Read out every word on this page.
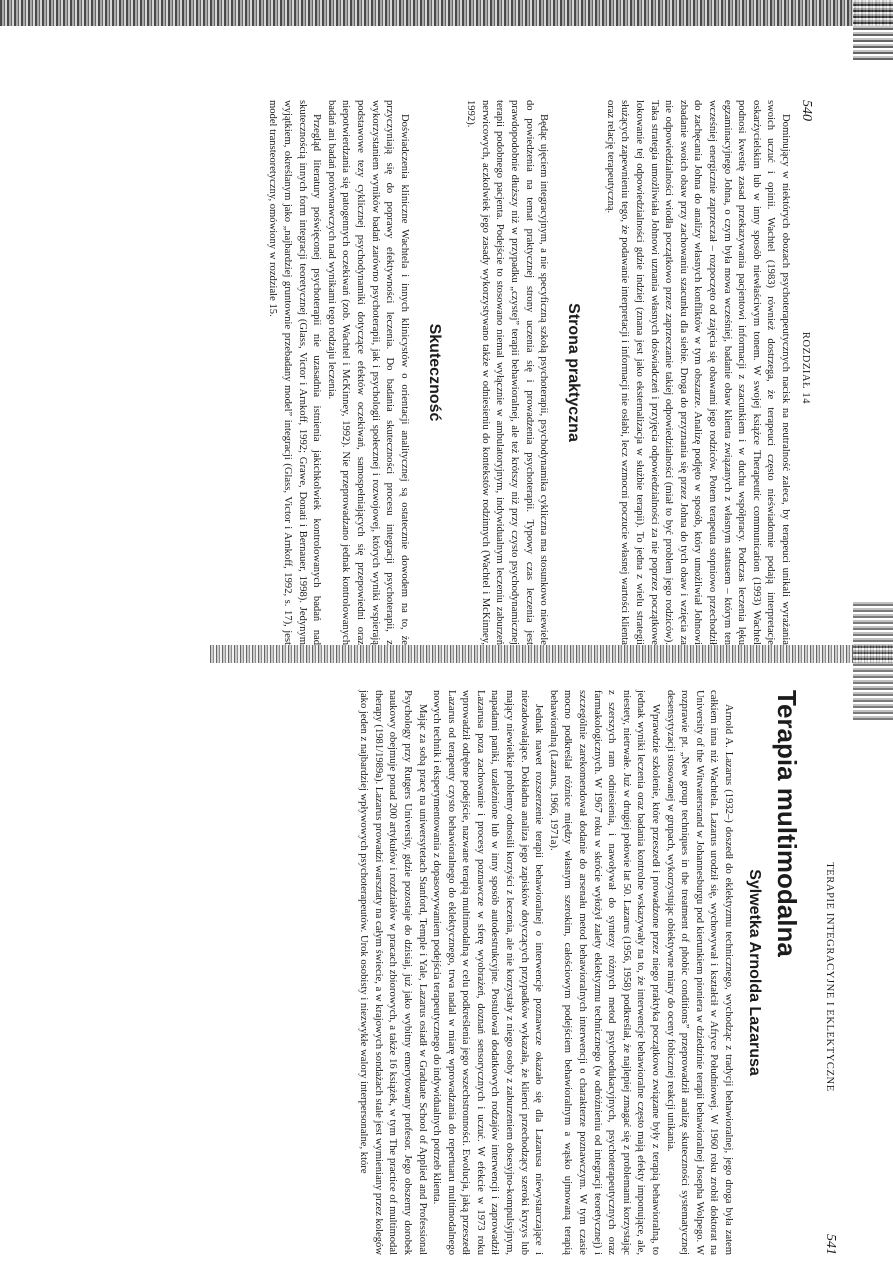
540
ROZDZIAŁ 14

Dominujący w niektórych obozach psychoterapeutycznych nacisk na neutralność zaleca, by terapeuci unikali wyrażania swoich uczuć i opinii. Wachtel (1983) również dostrzega, że terapeuci często nieświadomie podają interpretacje oskarżycielskim lub w inny sposób niewłaściwym tonem. W swojej książce Therapeutic communication (1993) Wachtel podnosi kwestię zasad przekazywania pacjentowi informacji z szacunkiem i w duchu współpracy. Podczas leczenia lęku egzaminacyjnego Johna, o czym była mowa wcześniej, badanie obaw klienta związanych z własnym statusem – którym ten wcześniej energicznie zaprzeczał – rozpoczęto od zajęcia się obawami jego rodziców. Potem terapeuta stopniowo przechodził do zachęcania Johna do analizy własnych konfliktów w tym obszarze. Analizę podjęto w sposób, który umożliwiał Johnowi zbadanie swoich obaw przy zachowaniu szacunku dla siebie. Droga do przyznania się przez Johna do tych obaw i wzięcia za nie odpowiedzialności wiodła początkowo przez zaprzeczanie takiej odpowiedzialności (miał to być problem jego rodziców). Taka strategia umożliwiała Johnowi uznania własnych doświadczeń i przyjęcia odpowiedzialności za nie poprzez początkowe lokowanie tej odpowiedzialności gdzie indziej (znana jest jako eksternalizacja w służbie terapii). To jedna z wielu strategii służących zapewnieniu tego, że podawanie interpretacji i informacji nie osłabi, lecz wzmocni poczucie własnej wartości klienta oraz relację terapeutyczną.

Strona praktyczna

Będąc ujęciem integracyjnym, a nie specyficzną szkołą psychoterapii, psychodynamika cykliczna ma stosunkowo niewiele do powiedzenia na temat praktycznej strony uczenia się i prowadzenia psychoterapii. Typowy czas leczenia jest prawdopodobnie dłuższy niż w przypadku „czystej” terapii behawioralnej, ale też krótszy niż przy czysto psychodynamicznej terapii podobnego pacjenta. Podejście to stosowano niemal wyłącznie w ambulatoryjnym, indywidualnym leczeniu zaburzeń nerwicowych, aczkolwiek jego zasady wykorzystywano także w odniesieniu do kontekstów rodzinnych (Wachtel i McKinney, 1992).

Skuteczność

Doświadczenia kliniczne Wachtela i innych klinicystów o orientacji analitycznej są ostatecznie dowodem na to, że przyczyniają się do poprawy efektywności leczenia. Do badania skuteczności procesu integracji psychoterapii, z wykorzystaniem wyników badań zarówno psychoterapii, jak i psychologii społecznej i rozwojowej, których wyniki wspierają podstawowe tezy cyklicznej psychodynamiki dotyczące efektów oczekiwań, samospełniających się przepowiedni oraz niepotwierdzania się patogennych oczekiwań (zob. Wachtel i McKinney, 1992). Nie przeprowadzano jednak kontrolowanych badań ani badań porównawczych nad wynikami tego rodzaju leczenia.

Przegląd literatury poświęconej psychoterapii nie uzasadnia istnienia jakichkolwiek kontrolowanych badań nad skutecznością innych form integracji teoretycznej (Glass, Victor i Arnkoff, 1992; Grawe, Donati i Bernauer, 1998). Jedynym wyjątkiem, określanym jako „najbardziej gruntownie przebadany model” integracji (Glass, Victor i Arnkoff, 1992, s. 17), jest model transteoretyczny, omówiony w rozdziale 15.

TERAPIE INTEGRACYJNE I EKLEKTYCZNE
541
Terapia multimodalna
Sylwetka Arnolda Lazarusa

Arnold A. Lazarus (1932–) doszedł do eklektyzmu technicznego, wychodząc z tradycji behawioralnej, jego droga była zatem całkiem inna niż Wachtela. Lazarus urodził się, wychowywał i kształcił w Afryce Południowej. W 1960 roku zrobił doktorat na University of the Witwatersrand w Johannesburgu pod kierunkiem pioniera w dziedzinie terapii behawioralnej Josepha Wolpego. W rozprawie pt. „New group techniques in the treatment of phobic conditions” przeprowadził analizę skuteczności systematycznej desensytyzacji stosowanej w grupach, wykorzystując obiektywne miary do oceny fobicznej reakcji unikania.

Wprawdzie szkolenie, które przeszedł i prowadzone przez niego praktyka początkowo związane były z terapią behawioralną, to jednak wyniki leczenia oraz badania kontrolne wskazywały na to, że interwencje behawioralne często mają efekty imponujące, ale, niestety, nietrwałe. Już w drugiej połowie lat 50. Lazarus (1956, 1958) podkreślał, że najlepiej zmagać się z problemami korzystając z szerszych ram odniesienia, i nawoływał do syntezy różnych metod psychoedukacyjnych, psychoterapeutycznych oraz farmakologicznych. W 1967 roku w skrócie wyłożył zalety eklektyzmu technicznego (w odróżnieniu od integracji teoretycznej) i szczególnie zarekomendował dodanie do arsenału metod behawioralnych interwencji o charakterze poznawczym. W tym czasie mocno podkreślał różnice między własnym szerokim, całościowym podejściem behawioralnym a wąsko ujmowaną terapią behawioralną (Lazarus, 1966, 1971a).

Jednak nawet rozszerzenie terapii behawioralnej o interwencje poznawcze okazało się dla Lazarusa niewystarczające i niezadowalające. Dokładna analiza jego zapisków dotyczących przypadków wykazała, że klienci przechodzący szeroki kryzys lub mający niewielkie problemy odnosili korzyści z leczenia, ale nie korzystały z niego osoby z zaburzeniem obsesyjno-kompulsyjnym, napadami paniki, uzależnione lub w inny sposób autodestrukcyjne. Postulował dodatkowych rodzajów interwencji i zaprowadził Lazarusa poza zachowanie i procesy poznawcze w sferę wyobrażeń, doznań sensorycznych i uczuć. W efekcie w 1973 roku wprowadził odrębne podejście, nazwane terapią multimodalną w celu podkreślenia jego wszechstronności. Ewolucja, jaką przeszedł Lazarus od terapeuty czysto behawioralnego do eklektycznego, trwa nadal w miarę wprowadzania do repertuaru multimodalnego nowych technik i eksperymentowania z dopasowywaniem podejścia terapeutycznego do indywidualnych potrzeb klienta.

Mając za sobą pracę na uniwersytetach Stanford, Temple i Yale, Lazarus osiadł w Graduate School of Applied and Professional Psychology przy Rutgers University, gdzie pozostaje do dzisiaj, już jako wybitny emerytowany profesor. Jego obszerny dorobek naukowy obejmuje ponad 200 artykułów i rozdziałów w pracach zbiorowych, a także 16 książek, w tym The practice of multimodal therapy (1981/1989a). Lazarus prowadzi warsztaty na całym świecie, a w krajowych sondażach stale jest wymieniany przez kolegów jako jeden z najbardziej wpływowych psychoterapeutów. Urok osobisty i niezwykłe walory interpersonalne, które
